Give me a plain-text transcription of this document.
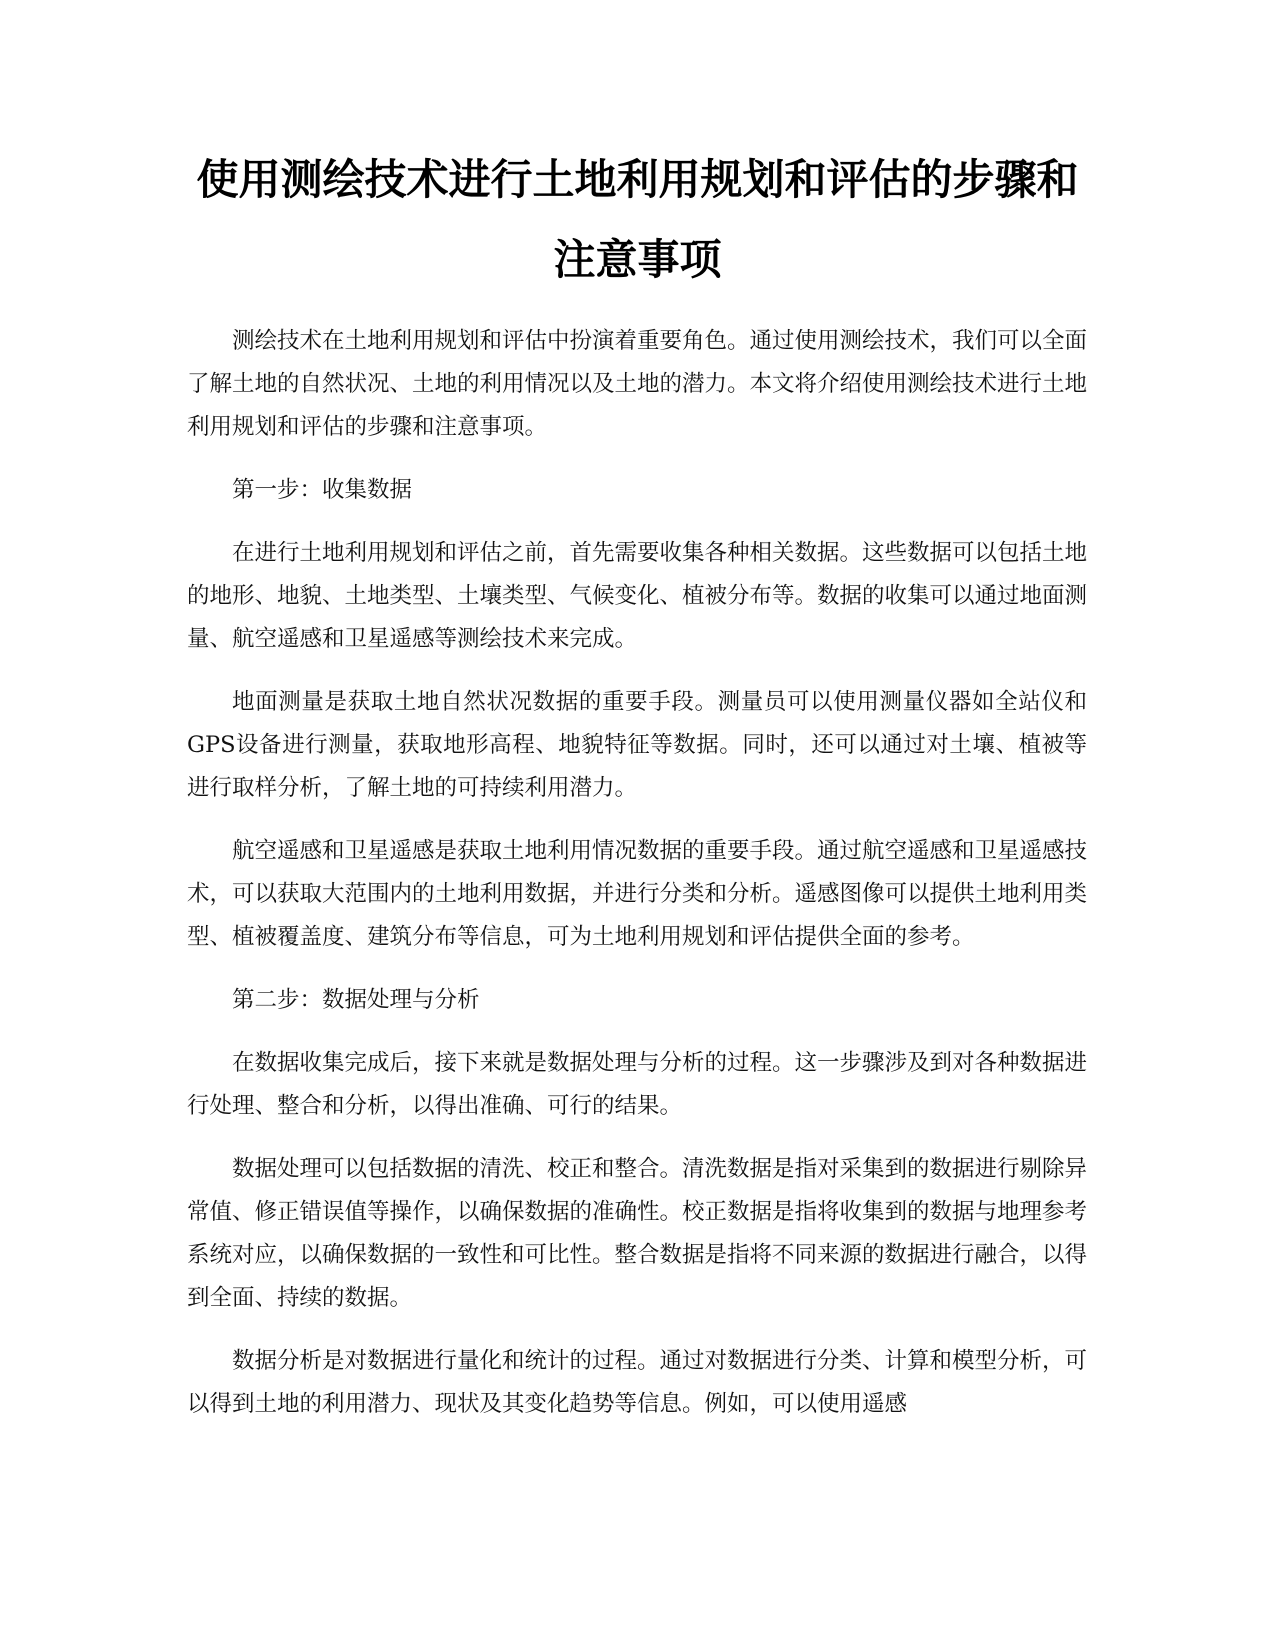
使用测绘技术进行土地利用规划和评估的步骤和注意事项

测绘技术在土地利用规划和评估中扮演着重要角色。通过使用测绘技术，我们可以全面了解土地的自然状况、土地的利用情况以及土地的潜力。本文将介绍使用测绘技术进行土地利用规划和评估的步骤和注意事项。

第一步：收集数据

在进行土地利用规划和评估之前，首先需要收集各种相关数据。这些数据可以包括土地的地形、地貌、土地类型、土壤类型、气候变化、植被分布等。数据的收集可以通过地面测量、航空遥感和卫星遥感等测绘技术来完成。

地面测量是获取土地自然状况数据的重要手段。测量员可以使用测量仪器如全站仪和GPS设备进行测量，获取地形高程、地貌特征等数据。同时，还可以通过对土壤、植被等进行取样分析，了解土地的可持续利用潜力。

航空遥感和卫星遥感是获取土地利用情况数据的重要手段。通过航空遥感和卫星遥感技术，可以获取大范围内的土地利用数据，并进行分类和分析。遥感图像可以提供土地利用类型、植被覆盖度、建筑分布等信息，可为土地利用规划和评估提供全面的参考。

第二步：数据处理与分析

在数据收集完成后，接下来就是数据处理与分析的过程。这一步骤涉及到对各种数据进行处理、整合和分析，以得出准确、可行的结果。

数据处理可以包括数据的清洗、校正和整合。清洗数据是指对采集到的数据进行剔除异常值、修正错误值等操作，以确保数据的准确性。校正数据是指将收集到的数据与地理参考系统对应，以确保数据的一致性和可比性。整合数据是指将不同来源的数据进行融合，以得到全面、持续的数据。

数据分析是对数据进行量化和统计的过程。通过对数据进行分类、计算和模型分析，可以得到土地的利用潜力、现状及其变化趋势等信息。例如，可以使用遥感
